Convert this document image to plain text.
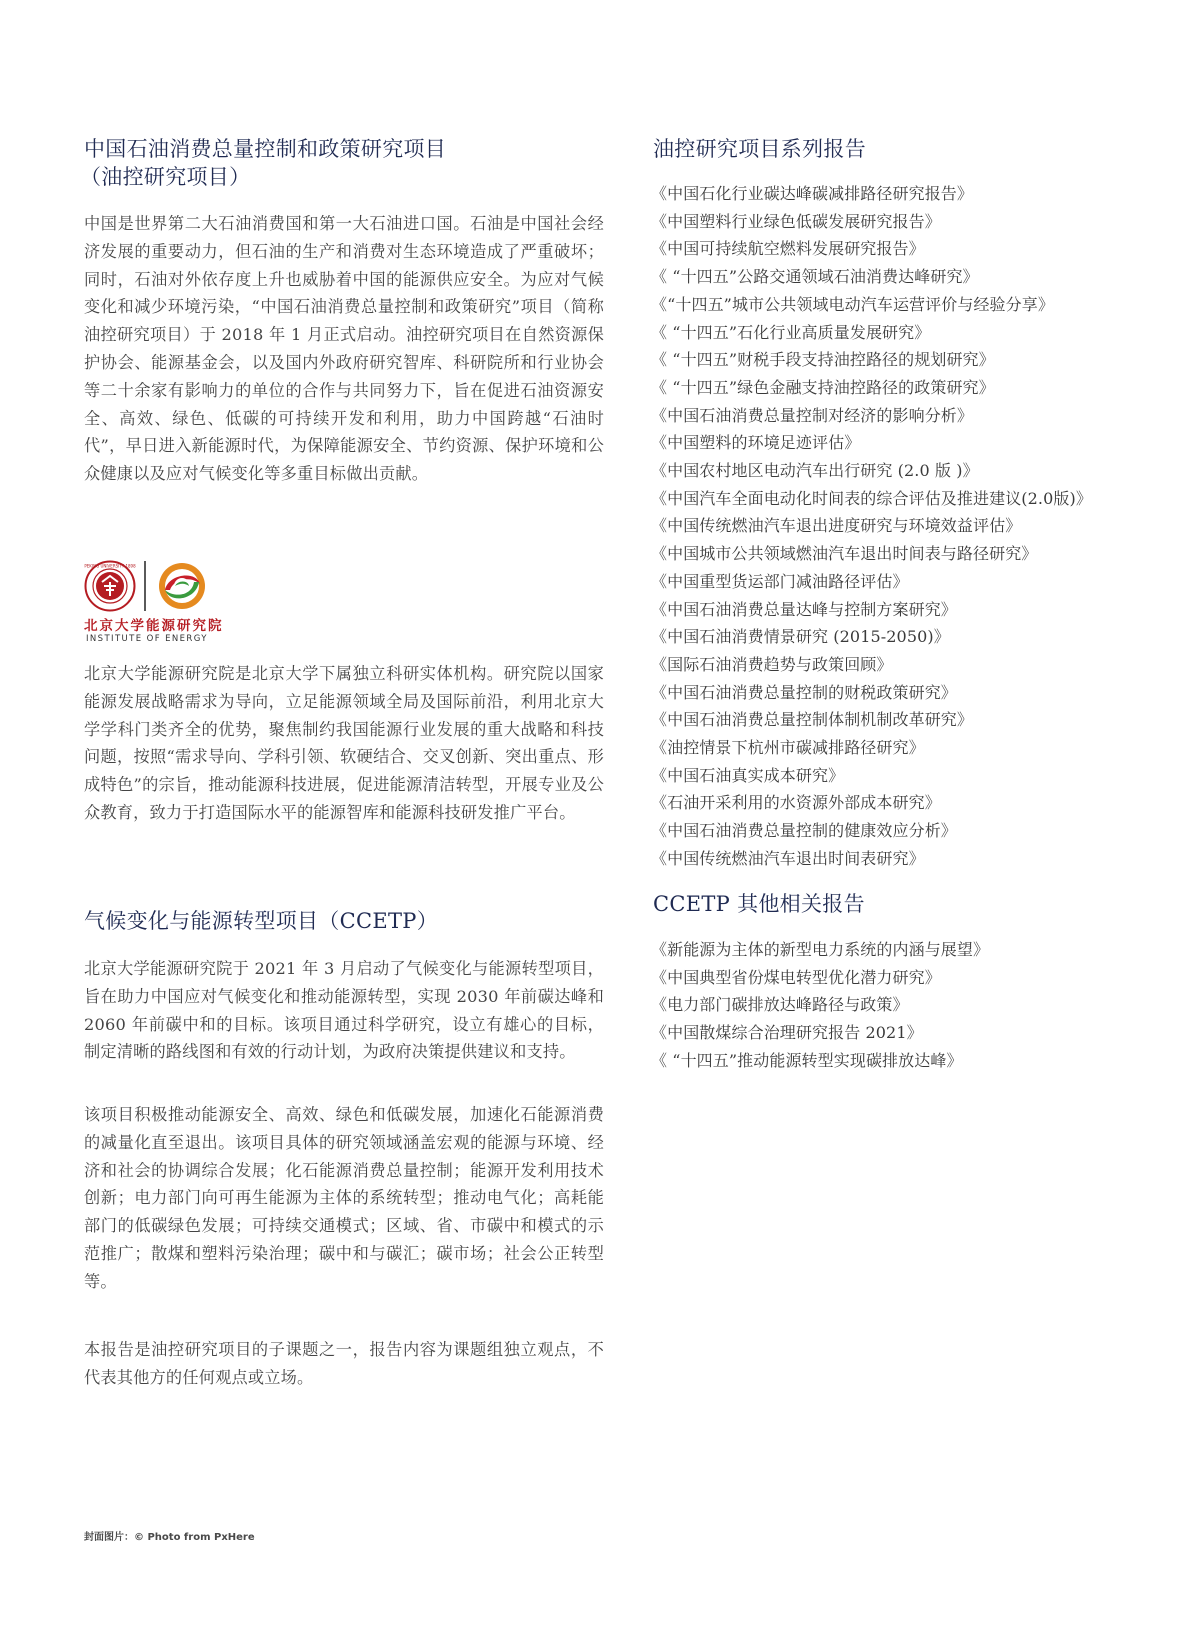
中国石油消费总量控制和政策研究项目
（油控研究项目）

中国是世界第二大石油消费国和第一大石油进口国。石油是中国社会经济发展的重要动力，但石油的生产和消费对生态环境造成了严重破坏；同时，石油对外依存度上升也威胁着中国的能源供应安全。为应对气候变化和减少环境污染，“中国石油消费总量控制和政策研究”项目（简称油控研究项目）于 2018 年 1 月正式启动。油控研究项目在自然资源保护协会、能源基金会，以及国内外政府研究智库、科研院所和行业协会等二十余家有影响力的单位的合作与共同努力下，旨在促进石油资源安全、高效、绿色、低碳的可持续开发和利用，助力中国跨越“石油时代”，早日进入新能源时代，为保障能源安全、节约资源、保护环境和公众健康以及应对气候变化等多重目标做出贡献。

PEKING UNIVERSITY 1898
北京大学能源研究院
INSTITUTE OF ENERGY

北京大学能源研究院是北京大学下属独立科研实体机构。研究院以国家能源发展战略需求为导向，立足能源领域全局及国际前沿，利用北京大学学科门类齐全的优势，聚焦制约我国能源行业发展的重大战略和科技问题，按照“需求导向、学科引领、软硬结合、交叉创新、突出重点、形成特色”的宗旨，推动能源科技进展，促进能源清洁转型，开展专业及公众教育，致力于打造国际水平的能源智库和能源科技研发推广平台。

气候变化与能源转型项目（CCETP）

北京大学能源研究院于 2021 年 3 月启动了气候变化与能源转型项目，旨在助力中国应对气候变化和推动能源转型，实现 2030 年前碳达峰和 2060 年前碳中和的目标。该项目通过科学研究，设立有雄心的目标，制定清晰的路线图和有效的行动计划，为政府决策提供建议和支持。

该项目积极推动能源安全、高效、绿色和低碳发展，加速化石能源消费的减量化直至退出。该项目具体的研究领域涵盖宏观的能源与环境、经济和社会的协调综合发展；化石能源消费总量控制；能源开发利用技术创新；电力部门向可再生能源为主体的系统转型；推动电气化；高耗能部门的低碳绿色发展；可持续交通模式；区域、省、市碳中和模式的示范推广；散煤和塑料污染治理；碳中和与碳汇；碳市场；社会公正转型等。

本报告是油控研究项目的子课题之一，报告内容为课题组独立观点，不代表其他方的任何观点或立场。

油控研究项目系列报告
《中国石化行业碳达峰碳减排路径研究报告》
《中国塑料行业绿色低碳发展研究报告》
《中国可持续航空燃料发展研究报告》
《 “十四五”公路交通领域石油消费达峰研究》
《“十四五”城市公共领域电动汽车运营评价与经验分享》
《 “十四五”石化行业高质量发展研究》
《 “十四五”财税手段支持油控路径的规划研究》
《 “十四五”绿色金融支持油控路径的政策研究》
《中国石油消费总量控制对经济的影响分析》
《中国塑料的环境足迹评估》
《中国农村地区电动汽车出行研究 (2.0 版 )》
《中国汽车全面电动化时间表的综合评估及推进建议(2.0版)》
《中国传统燃油汽车退出进度研究与环境效益评估》
《中国城市公共领域燃油汽车退出时间表与路径研究》
《中国重型货运部门减油路径评估》
《中国石油消费总量达峰与控制方案研究》
《中国石油消费情景研究 (2015-2050)》
《国际石油消费趋势与政策回顾》
《中国石油消费总量控制的财税政策研究》
《中国石油消费总量控制体制机制改革研究》
《油控情景下杭州市碳减排路径研究》
《中国石油真实成本研究》
《石油开采利用的水资源外部成本研究》
《中国石油消费总量控制的健康效应分析》
《中国传统燃油汽车退出时间表研究》
CCETP 其他相关报告
《新能源为主体的新型电力系统的内涵与展望》
《中国典型省份煤电转型优化潜力研究》
《电力部门碳排放达峰路径与政策》
《中国散煤综合治理研究报告 2021》
《 “十四五”推动能源转型实现碳排放达峰》
封面图片：© Photo from PxHere
